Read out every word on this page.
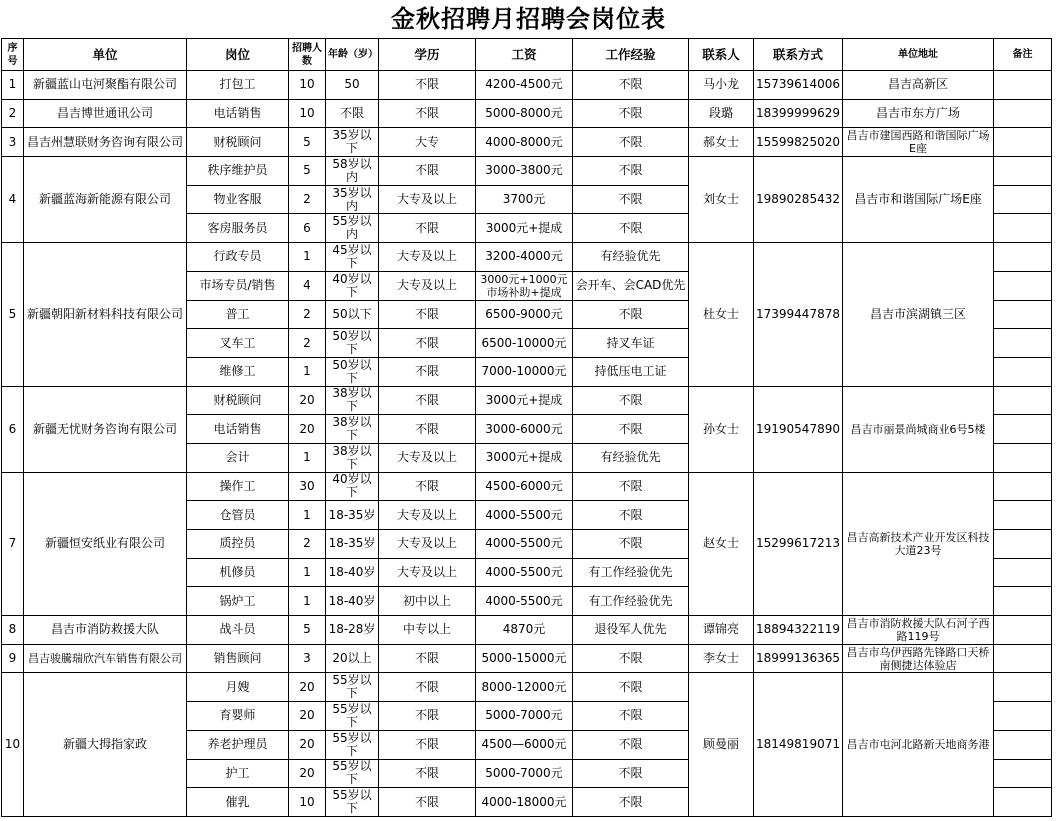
金秋招聘月招聘会岗位表
序号	单位	岗位	招聘人数	年龄（岁）	学历	工资	工作经验	联系人	联系方式	单位地址	备注
1	新疆蓝山屯河聚酯有限公司	打包工	10	50	不限	4200-4500元	不限	马小龙	15739614006	昌吉高新区	
2	昌吉博世通讯公司	电话销售	10	不限	不限	5000-8000元	不限	段璐	18399999629	昌吉市东方广场	
3	昌吉州慧联财务咨询有限公司	财税顾问	5	35岁以下	大专	4000-8000元	不限	郝女士	15599825020	昌吉市建国西路和谐国际广场E座	
4	新疆蓝海新能源有限公司	秩序维护员	5	58岁以内	不限	3000-3800元	不限	刘女士	19890285432	昌吉市和谐国际广场E座	
		物业客服	2	35岁以内	大专及以上	3700元	不限				
		客房服务员	6	55岁以内	不限	3000元+提成	不限				
5	新疆朝阳新材料科技有限公司	行政专员	1	45岁以下	大专及以上	3200-4000元	有经验优先	杜女士	17399447878	昌吉市滨湖镇三区	
		市场专员/销售	4	40岁以下	大专及以上	3000元+1000元市场补助+提成	会开车、会CAD优先				
		普工	2	50以下	不限	6500-9000元	不限				
		叉车工	2	50岁以下	不限	6500-10000元	持叉车证				
		维修工	1	50岁以下	不限	7000-10000元	持低压电工证				
6	新疆无忧财务咨询有限公司	财税顾问	20	38岁以下	不限	3000元+提成	不限	孙女士	19190547890	昌吉市丽景尚城商业6号5楼	
		电话销售	20	38岁以下	不限	3000-6000元	不限				
		会计	1	38岁以下	大专及以上	3000元+提成	有经验优先				
7	新疆恒安纸业有限公司	操作工	30	40岁以下	不限	4500-6000元	不限	赵女士	15299617213	昌吉高新技术产业开发区科技大道23号	
		仓管员	1	18-35岁	大专及以上	4000-5500元	不限				
		质控员	2	18-35岁	大专及以上	4000-5500元	不限				
		机修员	1	18-40岁	大专及以上	4000-5500元	有工作经验优先				
		锅炉工	1	18-40岁	初中以上	4000-5500元	有工作经验优先				
8	昌吉市消防救援大队	战斗员	5	18-28岁	中专以上	4870元	退役军人优先	谭锦亮	18894322119	昌吉市消防救援大队石河子西路119号	
9	昌吉骏騰瑞欣汽车销售有限公司	销售顾问	3	20以上	不限	5000-15000元	不限	李女士	18999136365	昌吉市乌伊西路先锋路口天桥南侧捷达体验店	
10	新疆大拇指家政	月嫂	20	55岁以下	不限	8000-12000元	不限	顾曼丽	18149819071	昌吉市屯河北路新天地商务港	
		育婴师	20	55岁以下	不限	5000-7000元	不限				
		养老护理员	20	55岁以下	不限	4500—6000元	不限				
		护工	20	55岁以下	不限	5000-7000元	不限				
		催乳	10	55岁以下	不限	4000-18000元	不限				
